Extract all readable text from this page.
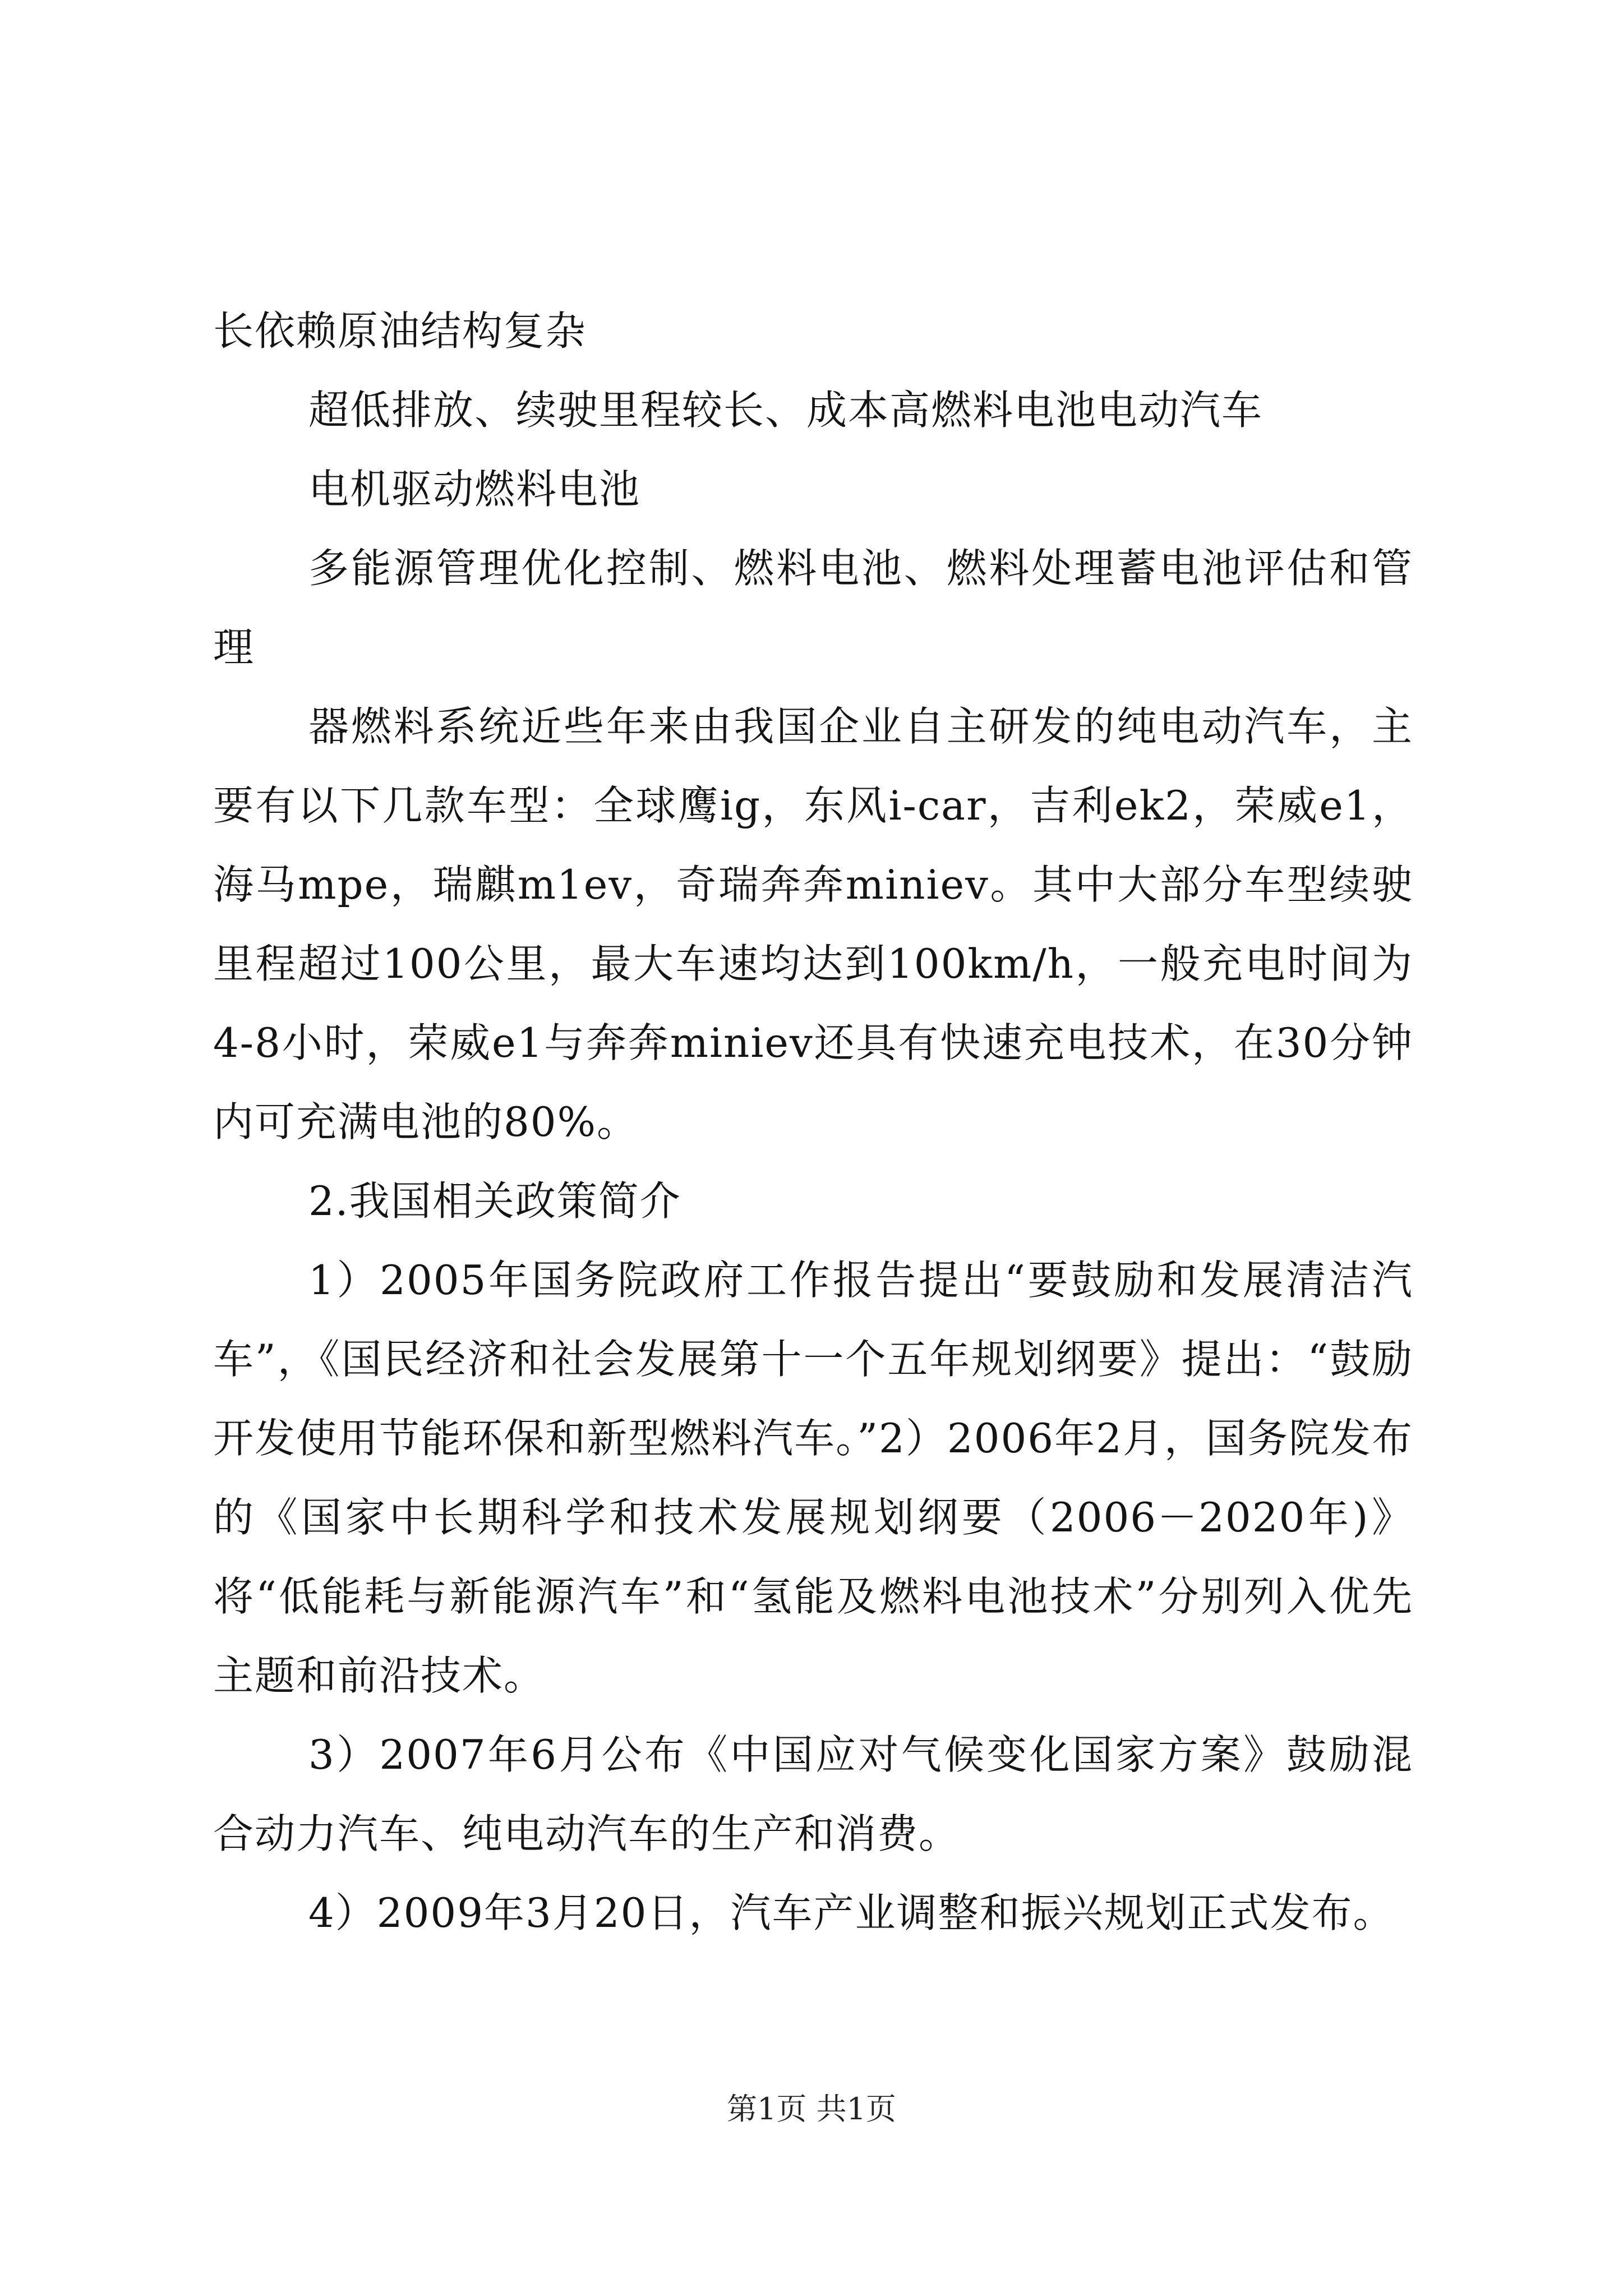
长依赖原油结构复杂

超低排放、续驶里程较长、成本高燃料电池电动汽车

电机驱动燃料电池

多能源管理优化控制、燃料电池、燃料处理蓄电池评估和管理

器燃料系统近些年来由我国企业自主研发的纯电动汽车，主要有以下几款车型：全球鹰ig，东风i-car，吉利ek2，荣威e1，海马mpe，瑞麒m1ev，奇瑞奔奔miniev。其中大部分车型续驶里程超过100公里，最大车速均达到100km/h，一般充电时间为4-8小时，荣威e1与奔奔miniev还具有快速充电技术，在30分钟内可充满电池的80%。

2.我国相关政策简介

1）2005年国务院政府工作报告提出“要鼓励和发展清洁汽车”，《国民经济和社会发展第十一个五年规划纲要》提出：“鼓励开发使用节能环保和新型燃料汽车。”2）2006年2月，国务院发布的《国家中长期科学和技术发展规划纲要（2006－2020年)》将“低能耗与新能源汽车”和“氢能及燃料电池技术”分别列入优先主题和前沿技术。

3）2007年6月公布《中国应对气候变化国家方案》鼓励混合动力汽车、纯电动汽车的生产和消费。

4）2009年3月20日，汽车产业调整和振兴规划正式发布。

第1页 共1页
